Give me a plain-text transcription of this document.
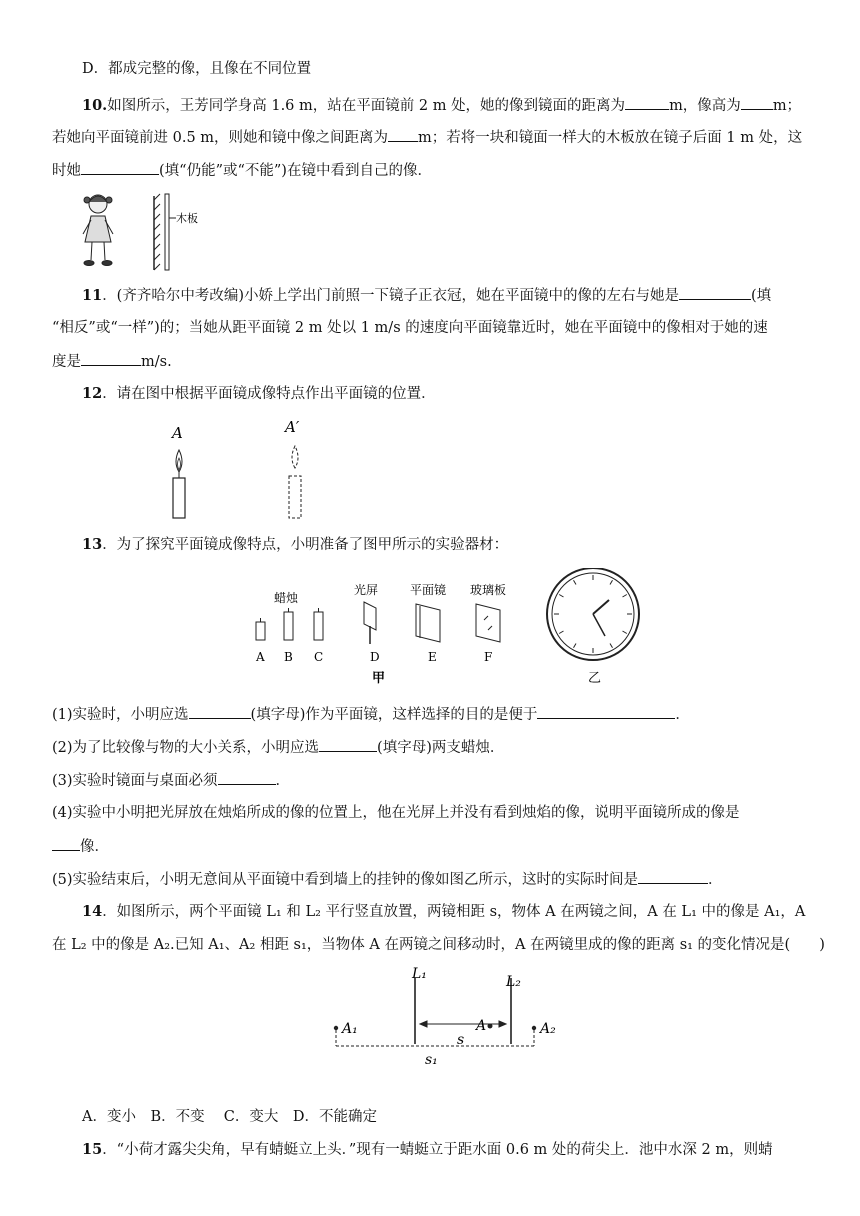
D．都成完整的像，且像在不同位置
10.如图所示，王芳同学身高 1.6 m，站在平面镜前 2 m 处，她的像到镜面的距离为	m，像高为 m；
若她向平面镜前进 0.5 m，则她和镜中像之间距离为 m；若将一块和镜面一样大的木板放在镜子后面 1 m 处，这
时她	(填“仍能”或“不能”)在镜中看到自己的像．
木板
11．(齐齐哈尔中考改编)小娇上学出门前照一下镜子正衣冠，她在平面镜中的像的左右与她是	(填
“相反”或“一样”)的；当她从距平面镜 2 m 处以 1 m/s 的速度向平面镜靠近时，她在平面镜中的像相对于她的速
度是	m/s.
12．请在图中根据平面镜成像特点作出平面镜的位置．
A	A′
13．为了探究平面镜成像特点，小明准备了图甲所示的实验器材：
蜡烛
光屏	平面镜 玻璃板
A B C	D	E	F
甲	乙
(1)实验时，小明应选	(填字母)作为平面镜，这样选择的目的是便于	．
(2)为了比较像与物的大小关系，小明应选	(填字母)两支蜡烛．
(3)实验时镜面与桌面必须	．
(4)实验中小明把光屏放在烛焰所成的像的位置上，他在光屏上并没有看到烛焰的像，说明平面镜所成的像是
像．
(5)实验结束后，小明无意间从平面镜中看到墙上的挂钟的像如图乙所示，这时的实际时间是	．
14．如图所示，两个平面镜 L₁ 和 L₂ 平行竖直放置，两镜相距 s，物体 A 在两镜之间，A 在 L₁ 中的像是 A₁，A
在 L₂ 中的像是 A₂.已知 A₁、A₂ 相距 s₁，当物体 A 在两镜之间移动时，A 在两镜里成的像的距离 s₁ 的变化情况是(　　)
L₁	L₂
A₁	A	A₂
s
s₁
A．变小　B．不变　 C．变大　D．不能确定
15．“小荷才露尖尖角，早有蜻蜓立上头．”现有一蜻蜓立于距水面 0.6 m 处的荷尖上．池中水深 2 m，则蜻
